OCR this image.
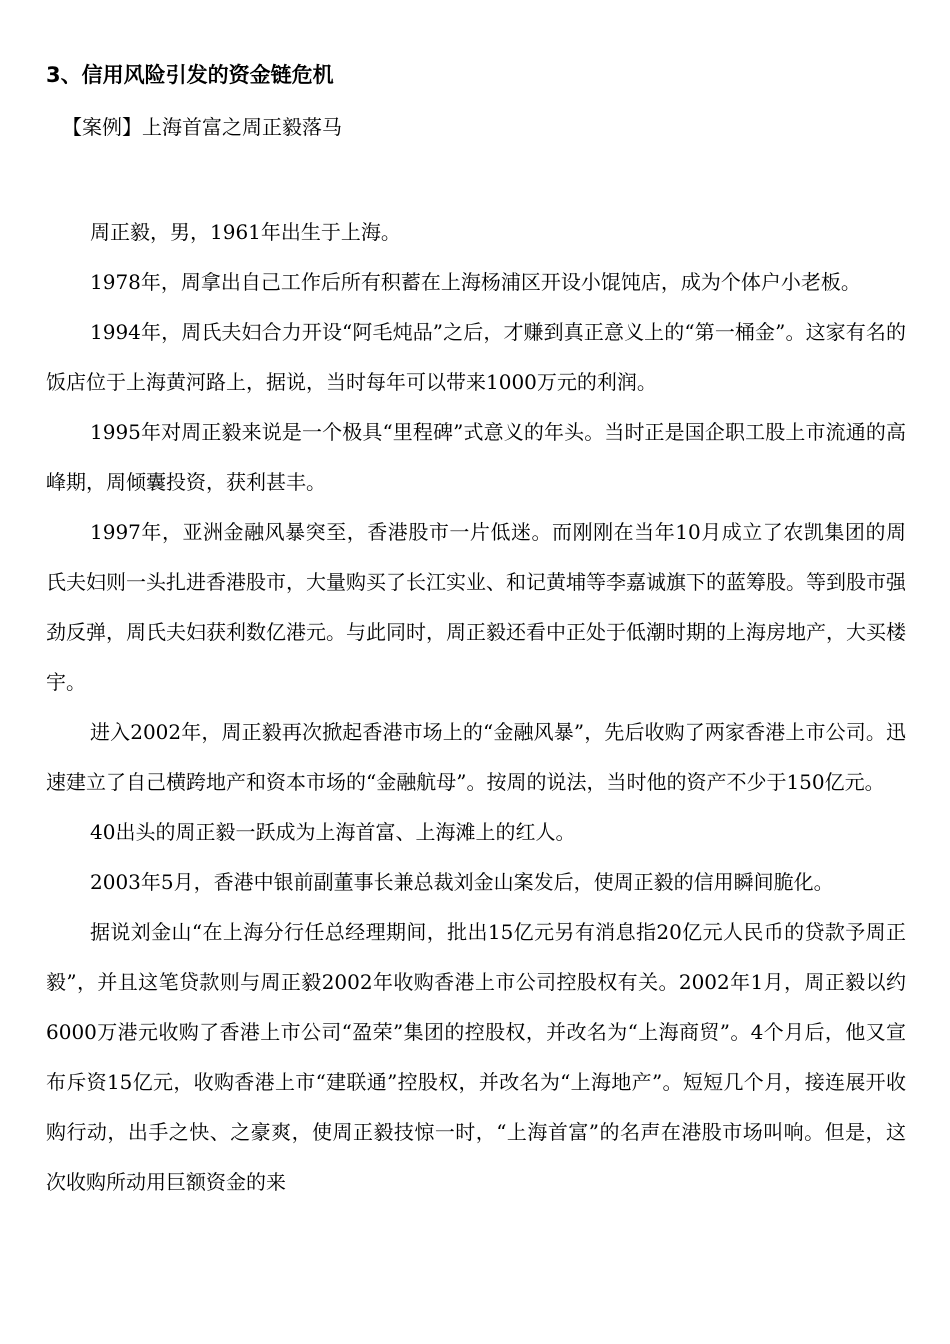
3、信用风险引发的资金链危机
【案例】上海首富之周正毅落马

周正毅，男，1961年出生于上海。

1978年，周拿出自己工作后所有积蓄在上海杨浦区开设小馄饨店，成为个体户小老板。

1994年，周氏夫妇合力开设“阿毛炖品”之后，才赚到真正意义上的“第一桶金”。这家有名的饭店位于上海黄河路上，据说，当时每年可以带来1000万元的利润。

1995年对周正毅来说是一个极具“里程碑”式意义的年头。当时正是国企职工股上市流通的高峰期，周倾囊投资，获利甚丰。

1997年，亚洲金融风暴突至，香港股市一片低迷。而刚刚在当年10月成立了农凯集团的周氏夫妇则一头扎进香港股市，大量购买了长江实业、和记黄埔等李嘉诚旗下的蓝筹股。等到股市强劲反弹，周氏夫妇获利数亿港元。与此同时，周正毅还看中正处于低潮时期的上海房地产，大买楼宇。

进入2002年，周正毅再次掀起香港市场上的“金融风暴”，先后收购了两家香港上市公司。迅速建立了自己横跨地产和资本市场的“金融航母”。按周的说法，当时他的资产不少于150亿元。

40出头的周正毅一跃成为上海首富、上海滩上的红人。

2003年5月，香港中银前副董事长兼总裁刘金山案发后，使周正毅的信用瞬间脆化。

据说刘金山“在上海分行任总经理期间，批出15亿元另有消息指20亿元人民币的贷款予周正毅”，并且这笔贷款则与周正毅2002年收购香港上市公司控股权有关。2002年1月，周正毅以约6000万港元收购了香港上市公司“盈荣”集团的控股权，并改名为“上海商贸”。4个月后，他又宣布斥资15亿元，收购香港上市“建联通”控股权，并改名为“上海地产”。短短几个月，接连展开收购行动，出手之快、之豪爽，使周正毅技惊一时，“上海首富”的名声在港股市场叫响。但是，这次收购所动用巨额资金的来
